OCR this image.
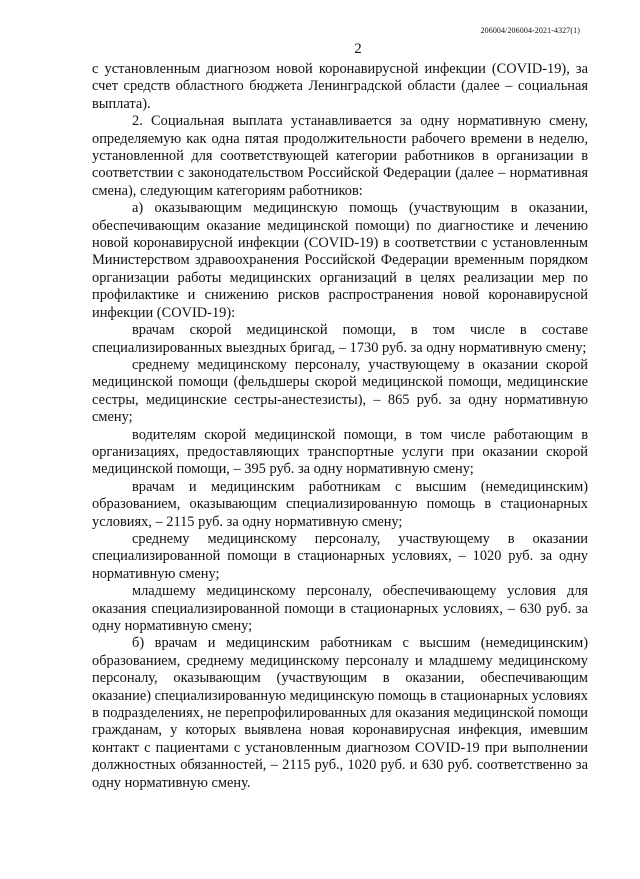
206004/206004-2021-4327(1)
2

с установленным диагнозом новой коронавирусной инфекции (COVID-19), за счет средств областного бюджета Ленинградской области (далее – социальная выплата).

2. Социальная выплата устанавливается за одну нормативную смену, определяемую как одна пятая продолжительности рабочего времени в неделю, установленной для соответствующей категории работников в организации в соответствии с законодательством Российской Федерации (далее – нормативная смена), следующим категориям работников:

а) оказывающим медицинскую помощь (участвующим в оказании, обеспечивающим оказание медицинской помощи) по диагностике и лечению новой коронавирусной инфекции (COVID-19) в соответствии с установленным Министерством здравоохранения Российской Федерации временным порядком организации работы медицинских организаций в целях реализации мер по профилактике и снижению рисков распространения новой коронавирусной инфекции (COVID-19):

врачам скорой медицинской помощи, в том числе в составе специализированных выездных бригад, – 1730 руб. за одну нормативную смену;

среднему медицинскому персоналу, участвующему в оказании скорой медицинской помощи (фельдшеры скорой медицинской помощи, медицинские сестры, медицинские сестры-анестезисты), – 865 руб. за одну нормативную смену;

водителям скорой медицинской помощи, в том числе работающим в организациях, предоставляющих транспортные услуги при оказании скорой медицинской помощи, – 395 руб. за одну нормативную смену;

врачам и медицинским работникам с высшим (немедицинским) образованием, оказывающим специализированную помощь в стационарных условиях, – 2115 руб. за одну нормативную смену;

среднему медицинскому персоналу, участвующему в оказании специализированной помощи в стационарных условиях, – 1020 руб. за одну нормативную смену;

младшему медицинскому персоналу, обеспечивающему условия для оказания специализированной помощи в стационарных условиях, – 630 руб. за одну нормативную смену;

б) врачам и медицинским работникам с высшим (немедицинским) образованием, среднему медицинскому персоналу и младшему медицинскому персоналу, оказывающим (участвующим в оказании, обеспечивающим оказание) специализированную медицинскую помощь в стационарных условиях в подразделениях, не перепрофилированных для оказания медицинской помощи гражданам, у которых выявлена новая коронавирусная инфекция, имевшим контакт с пациентами с установленным диагнозом COVID-19 при выполнении должностных обязанностей, – 2115 руб., 1020 руб. и 630 руб. соответственно за одну нормативную смену.
